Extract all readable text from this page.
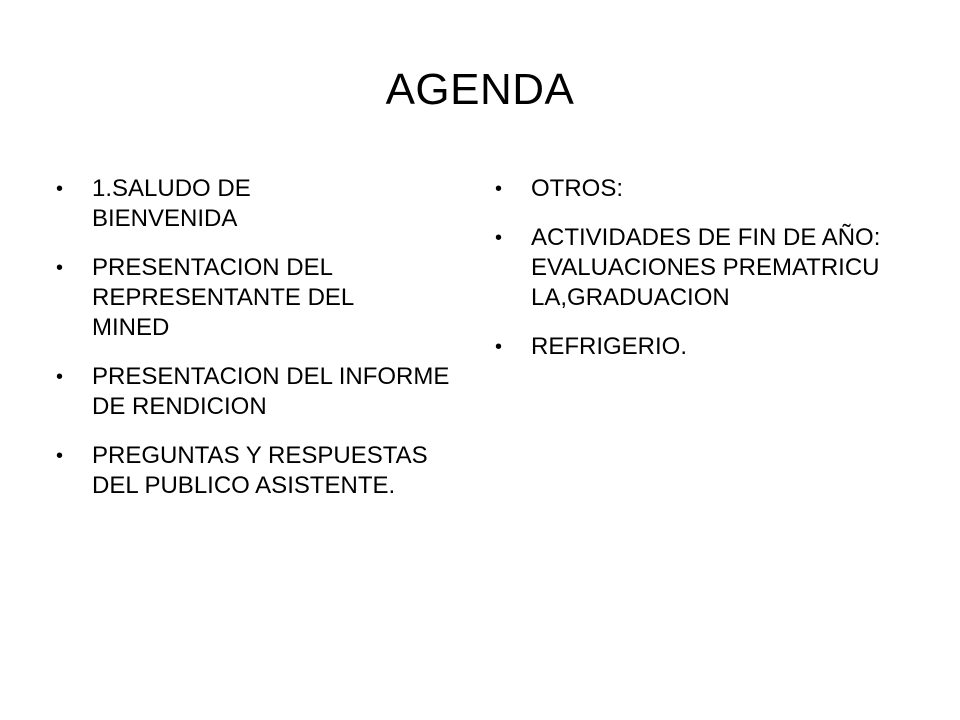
AGENDA
•	1.SALUDO DE BIENVENIDA
•	PRESENTACION DEL REPRESENTANTE DEL MINED
•	PRESENTACION DEL INFORME DE RENDICION
•	PREGUNTAS Y RESPUESTAS DEL PUBLICO ASISTENTE.
•	OTROS:
•	ACTIVIDADES DE FIN DE AÑO: EVALUACIONES PREMATRICULA,GRADUACION
•	REFRIGERIO.
